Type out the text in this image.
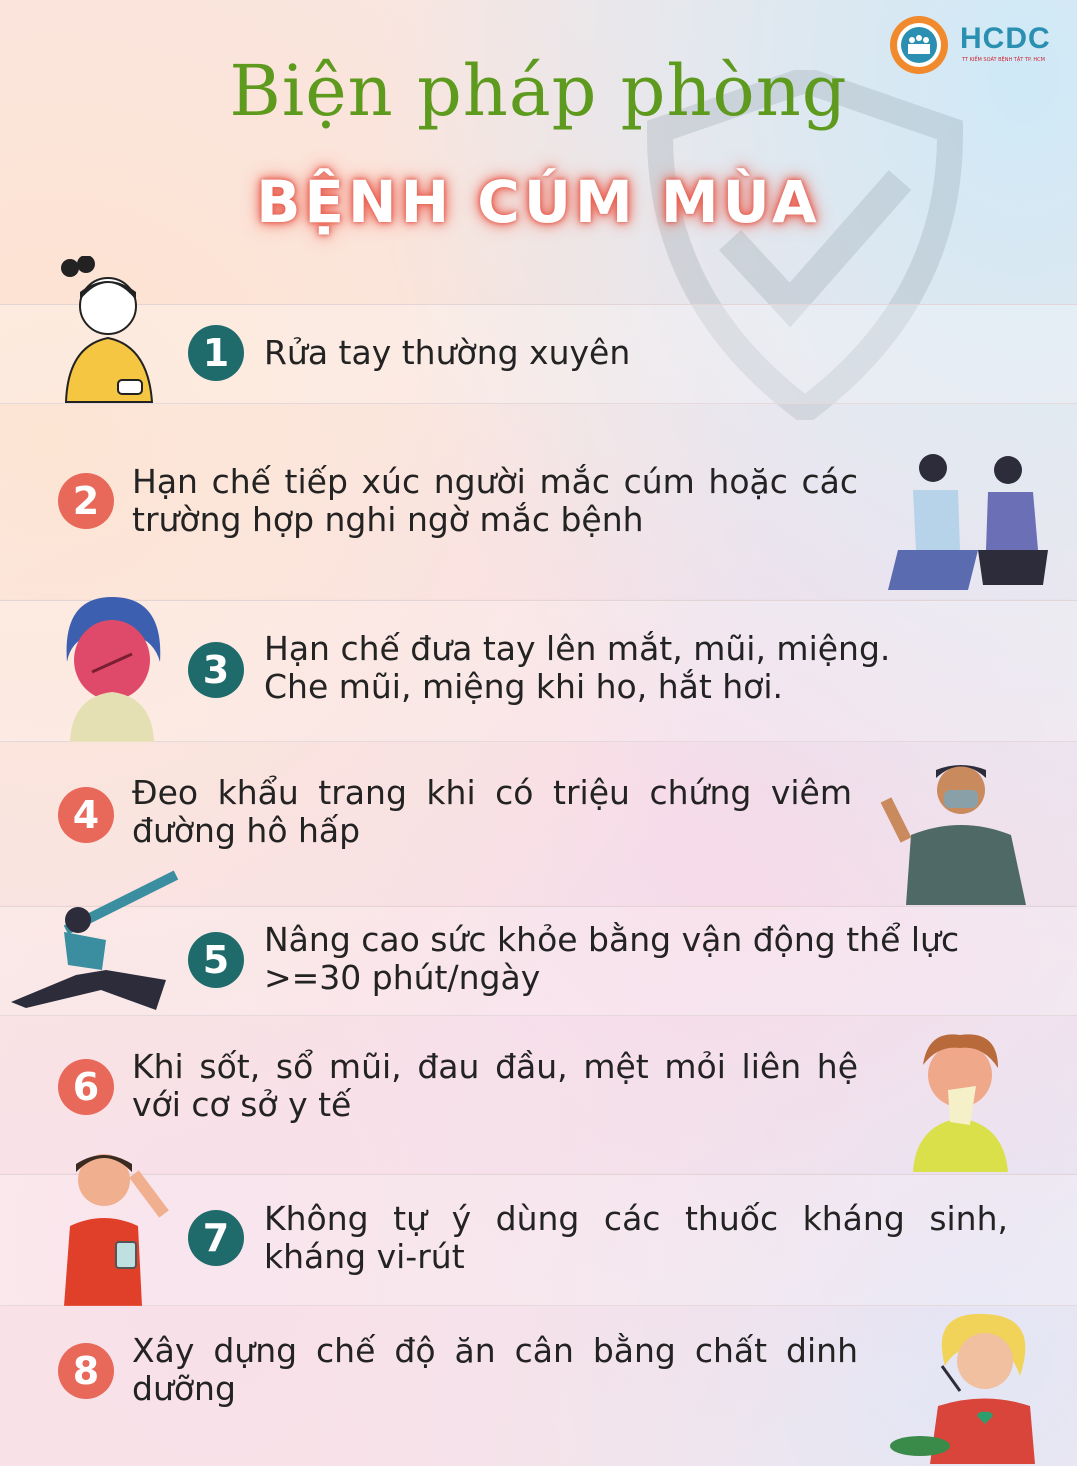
HCDC
TT KIỂM SOÁT BỆNH TẬT TP. HCM
Biện pháp phòng
BỆNH CÚM MÙA
1	Rửa tay thường xuyên
2 Hạn chế tiếp xúc người mắc cúm hoặc các trường hợp nghi ngờ mắc bệnh
3	Hạn chế đưa tay lên mắt, mũi, miệng. Che mũi, miệng khi ho, hắt hơi.
4
Đeo khẩu trang khi có triệu chứng viêm đường hô hấp
5	Nâng cao sức khỏe bằng vận động thể lực >=30 phút/ngày
6 Khi sốt, sổ mũi, đau đầu, mệt mỏi liên hệ với cơ sở y tế
7	Không tự ý dùng các thuốc kháng sinh, kháng vi-rút
8 Xây dựng chế độ ăn cân bằng chất dinh dưỡng
